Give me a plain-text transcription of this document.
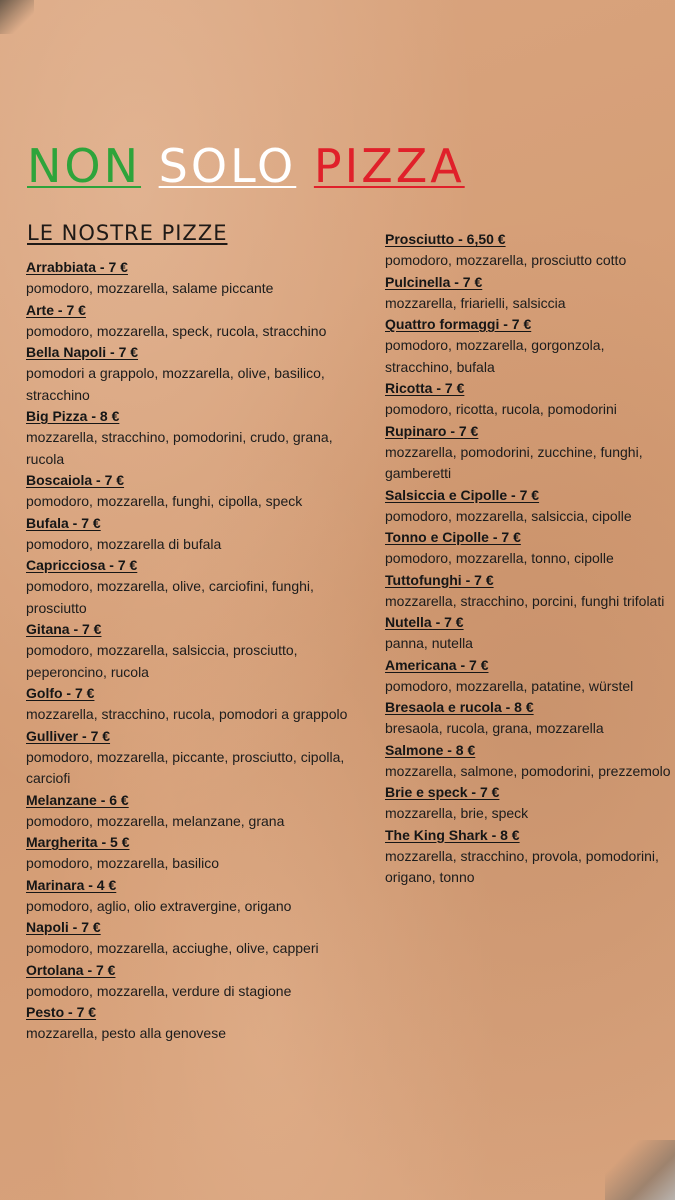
NON SOLO PIZZA
LE NOSTRE PIZZE
Arrabbiata - 7 €
pomodoro, mozzarella, salame piccante
Arte - 7 €
pomodoro, mozzarella, speck, rucola, stracchino
Bella Napoli - 7 €
pomodori a grappolo, mozzarella, olive, basilico, stracchino
Big Pizza - 8 €
mozzarella, stracchino, pomodorini, crudo, grana, rucola
Boscaiola - 7 €
pomodoro, mozzarella, funghi, cipolla, speck
Bufala - 7 €
pomodoro, mozzarella di bufala
Capricciosa - 7 €
pomodoro, mozzarella, olive, carciofini, funghi, prosciutto
Gitana - 7 €
pomodoro, mozzarella, salsiccia, prosciutto, peperoncino, rucola
Golfo - 7 €
mozzarella, stracchino, rucola, pomodori a grappolo
Gulliver - 7 €
pomodoro, mozzarella, piccante, prosciutto, cipolla, carciofi
Melanzane - 6 €
pomodoro, mozzarella, melanzane, grana
Margherita - 5 €
pomodoro, mozzarella, basilico
Marinara - 4 €
pomodoro, aglio, olio extravergine, origano
Napoli - 7 €
pomodoro, mozzarella, acciughe, olive, capperi
Ortolana - 7 €
pomodoro, mozzarella, verdure di stagione
Pesto - 7 €
mozzarella, pesto alla genovese
Prosciutto - 6,50 €
pomodoro, mozzarella, prosciutto cotto
Pulcinella - 7 €
mozzarella, friarielli, salsiccia
Quattro formaggi - 7 €
pomodoro, mozzarella, gorgonzola, stracchino, bufala
Ricotta - 7 €
pomodoro, ricotta, rucola, pomodorini
Rupinaro - 7 €
mozzarella, pomodorini, zucchine, funghi, gamberetti
Salsiccia e Cipolle - 7 €
pomodoro, mozzarella, salsiccia, cipolle
Tonno e Cipolle - 7 €
pomodoro, mozzarella, tonno, cipolle
Tuttofunghi - 7 €
mozzarella, stracchino, porcini, funghi trifolati
Nutella - 7 €
panna, nutella
Americana - 7 €
pomodoro, mozzarella, patatine, würstel
Bresaola e rucola - 8 €
bresaola, rucola, grana, mozzarella
Salmone - 8 €
mozzarella, salmone, pomodorini, prezzemolo
Brie e speck - 7 €
mozzarella, brie, speck
The King Shark - 8 €
mozzarella, stracchino, provola, pomodorini, origano, tonno
